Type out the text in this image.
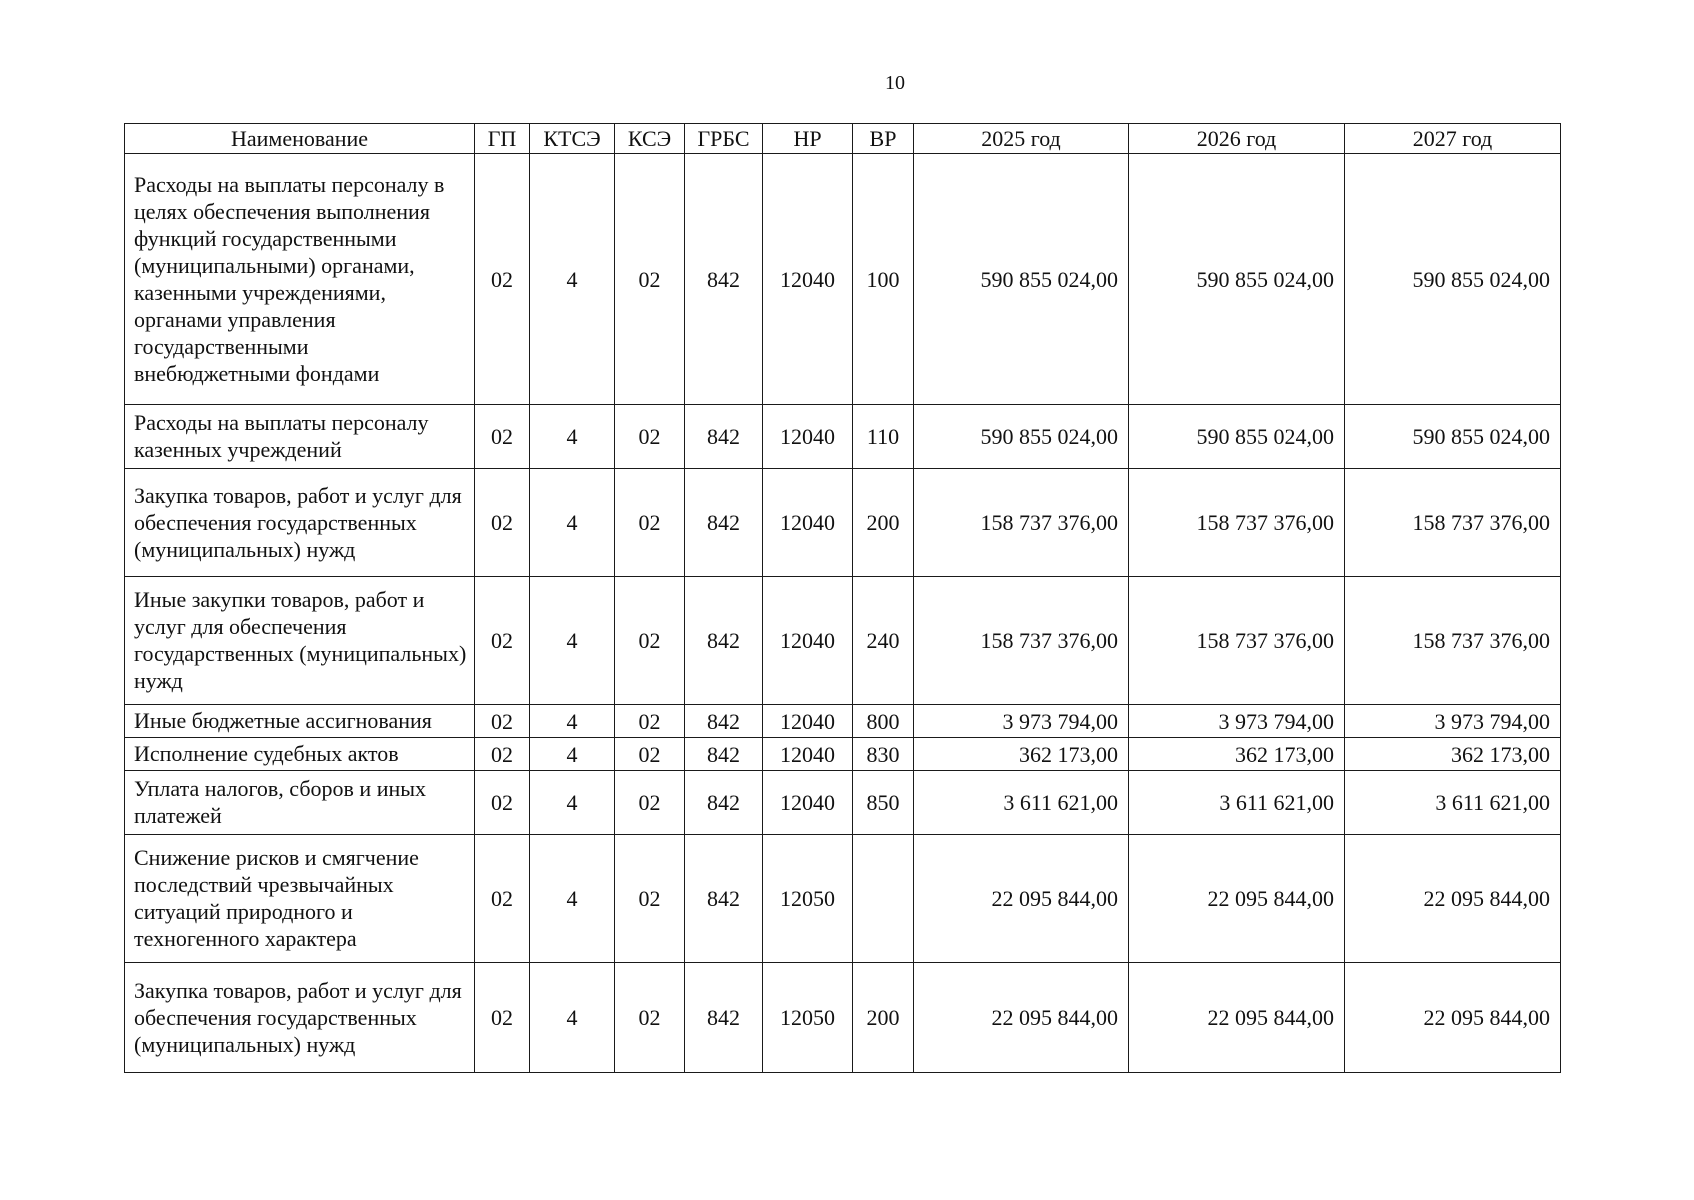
10
Наименование	ГП	КТСЭ	КСЭ	ГРБС	НР	ВР	2025 год	2026 год	2027 год
Расходы на выплаты персоналу в целях обеспечения выполнения функций государственными (муниципальными) органами, казенными учреждениями, органами управления государственными внебюджетными фондами	02	4	02	842	12040	100	590 855 024,00	590 855 024,00	590 855 024,00
Расходы на выплаты персоналу казенных учреждений	02	4	02	842	12040	110	590 855 024,00	590 855 024,00	590 855 024,00
Закупка товаров, работ и услуг для обеспечения государственных (муниципальных) нужд	02	4	02	842	12040	200	158 737 376,00	158 737 376,00	158 737 376,00
Иные закупки товаров, работ и услуг для обеспечения государственных (муниципальных) нужд	02	4	02	842	12040	240	158 737 376,00	158 737 376,00	158 737 376,00
Иные бюджетные ассигнования	02	4	02	842	12040	800	3 973 794,00	3 973 794,00	3 973 794,00
Исполнение судебных актов	02	4	02	842	12040	830	362 173,00	362 173,00	362 173,00
Уплата налогов, сборов и иных платежей	02	4	02	842	12040	850	3 611 621,00	3 611 621,00	3 611 621,00
Снижение рисков и смягчение последствий чрезвычайных ситуаций природного и техногенного характера	02	4	02	842	12050		22 095 844,00	22 095 844,00	22 095 844,00
Закупка товаров, работ и услуг для обеспечения государственных (муниципальных) нужд	02	4	02	842	12050	200	22 095 844,00	22 095 844,00	22 095 844,00
